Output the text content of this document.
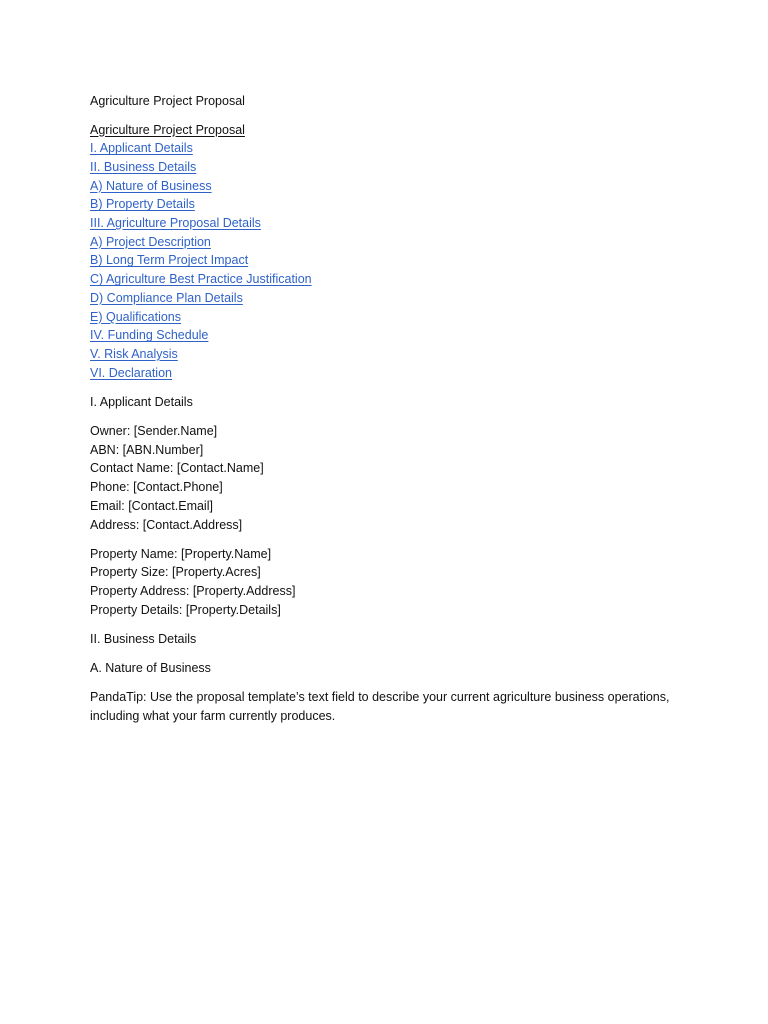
Agriculture Project Proposal
Agriculture Project Proposal
I. Applicant Details
II. Business Details
A) Nature of Business
B) Property Details
III. Agriculture Proposal Details
A) Project Description
B) Long Term Project Impact
C) Agriculture Best Practice Justification
D) Compliance Plan Details
E) Qualifications
IV. Funding Schedule
V. Risk Analysis
VI. Declaration
I. Applicant Details
Owner: [Sender.Name]
ABN: [ABN.Number]
Contact Name: [Contact.Name]
Phone: [Contact.Phone]
Email: [Contact.Email]
Address: [Contact.Address]
Property Name: [Property.Name]
Property Size: [Property.Acres]
Property Address: [Property.Address]
Property Details: [Property.Details]
II. Business Details
A. Nature of Business

PandaTip: Use the proposal template’s text field to describe your current agriculture business operations, including what your farm currently produces.
